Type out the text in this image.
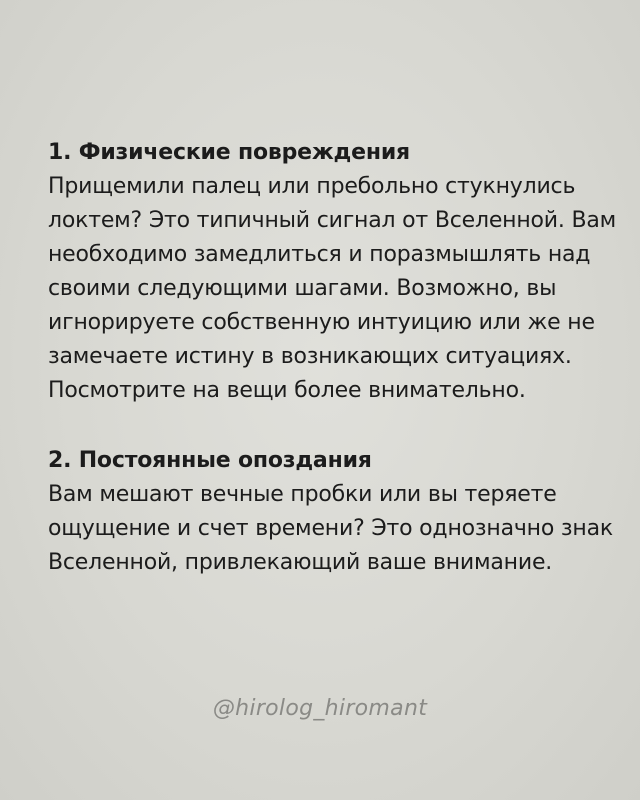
1. Физические повреждения

Прищемили палец или пребольно стукнулись локтем? Это типичный сигнал от Вселенной. Вам необходимо замедлиться и поразмышлять над своими следующими шагами. Возможно, вы игнорируете собственную интуицию или же не замечаете истину в возникающих ситуациях. Посмотрите на вещи более внимательно.

2. Постоянные опоздания

Вам мешают вечные пробки или вы теряете ощущение и счет времени? Это однозначно знак Вселенной, привлекающий ваше внимание.

@hirolog_hiromant
